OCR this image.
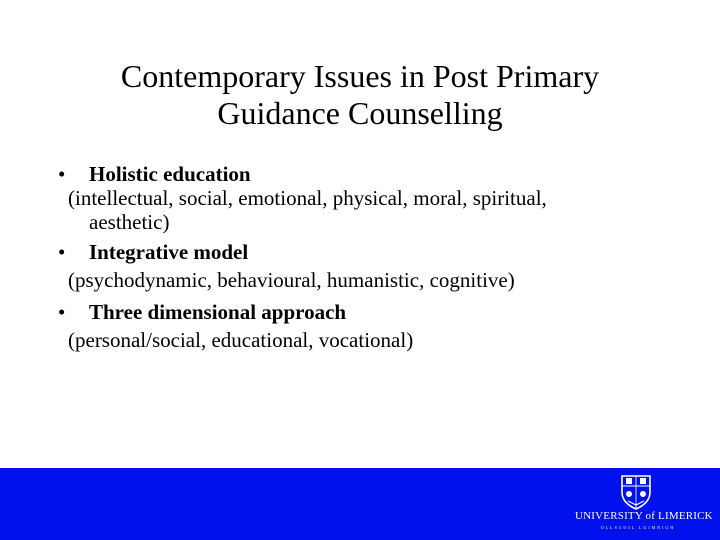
Contemporary Issues in Post Primary
Guidance Counselling
• Holistic education
(intellectual, social, emotional, physical, moral, spiritual,
aesthetic)
• Integrative model
(psychodynamic, behavioural, humanistic, cognitive)
• Three dimensional approach
(personal/social, educational, vocational)
UNIVERSITY of LIMERICK
OLLSCOIL LUIMNIGH
